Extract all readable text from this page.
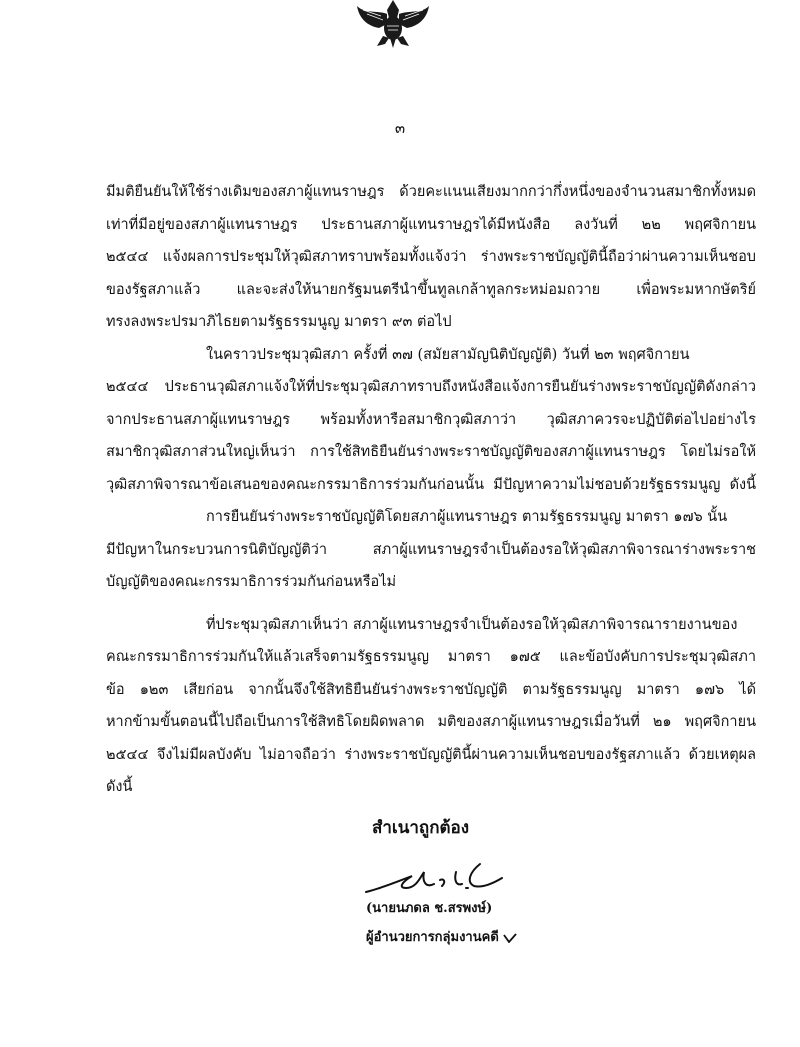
๓
มีมติยืนยันให้ใช้ร่างเดิมของสภาผู้แทนราษฎร ด้วยคะแนนเสียงมากกว่ากึ่งหนึ่งของจำนวนสมาชิกทั้งหมด
เท่าที่มีอยู่ของสภาผู้แทนราษฎร ประธานสภาผู้แทนราษฎรได้มีหนังสือ ลงวันที่ ๒๒ พฤศจิกายน
๒๕๔๔ แจ้งผลการประชุมให้วุฒิสภาทราบพร้อมทั้งแจ้งว่า ร่างพระราชบัญญัตินี้ถือว่าผ่านความเห็นชอบ
ของรัฐสภาแล้ว และจะส่งให้นายกรัฐมนตรีนำขึ้นทูลเกล้าทูลกระหม่อมถวาย เพื่อพระมหากษัตริย์
ทรงลงพระปรมาภิไธยตามรัฐธรรมนูญ มาตรา ๙๓ ต่อไป
ในคราวประชุมวุฒิสภา ครั้งที่ ๓๗ (สมัยสามัญนิติบัญญัติ) วันที่ ๒๓ พฤศจิกายน
๒๕๔๔ ประธานวุฒิสภาแจ้งให้ที่ประชุมวุฒิสภาทราบถึงหนังสือแจ้งการยืนยันร่างพระราชบัญญัติดังกล่าว
จากประธานสภาผู้แทนราษฎร พร้อมทั้งหารือสมาชิกวุฒิสภาว่า วุฒิสภาควรจะปฏิบัติต่อไปอย่างไร
สมาชิกวุฒิสภาส่วนใหญ่เห็นว่า การใช้สิทธิยืนยันร่างพระราชบัญญัติของสภาผู้แทนราษฎร โดยไม่รอให้
วุฒิสภาพิจารณาข้อเสนอของคณะกรรมาธิการร่วมกันก่อนนั้น มีปัญหาความไม่ชอบด้วยรัฐธรรมนูญ ดังนี้
การยืนยันร่างพระราชบัญญัติโดยสภาผู้แทนราษฎร ตามรัฐธรรมนูญ มาตรา ๑๗๖ นั้น
มีปัญหาในกระบวนการนิติบัญญัติว่า สภาผู้แทนราษฎรจำเป็นต้องรอให้วุฒิสภาพิจารณาร่างพระราช
บัญญัติของคณะกรรมาธิการร่วมกันก่อนหรือไม่
ที่ประชุมวุฒิสภาเห็นว่า สภาผู้แทนราษฎรจำเป็นต้องรอให้วุฒิสภาพิจารณารายงานของ
คณะกรรมาธิการร่วมกันให้แล้วเสร็จตามรัฐธรรมนูญ มาตรา ๑๗๕ และข้อบังคับการประชุมวุฒิสภา
ข้อ ๑๒๓ เสียก่อน จากนั้นจึงใช้สิทธิยืนยันร่างพระราชบัญญัติ ตามรัฐธรรมนูญ มาตรา ๑๗๖ ได้
หากข้ามขั้นตอนนี้ไปถือเป็นการใช้สิทธิโดยผิดพลาด มติของสภาผู้แทนราษฎรเมื่อวันที่ ๒๑ พฤศจิกายน
๒๕๔๔ จึงไม่มีผลบังคับ ไม่อาจถือว่า ร่างพระราชบัญญัตินี้ผ่านความเห็นชอบของรัฐสภาแล้ว ด้วยเหตุผล
ดังนี้
สำเนาถูกต้อง
(นายนภดล ช.สรพงษ์)
ผู้อำนวยการกลุ่มงานคดี
